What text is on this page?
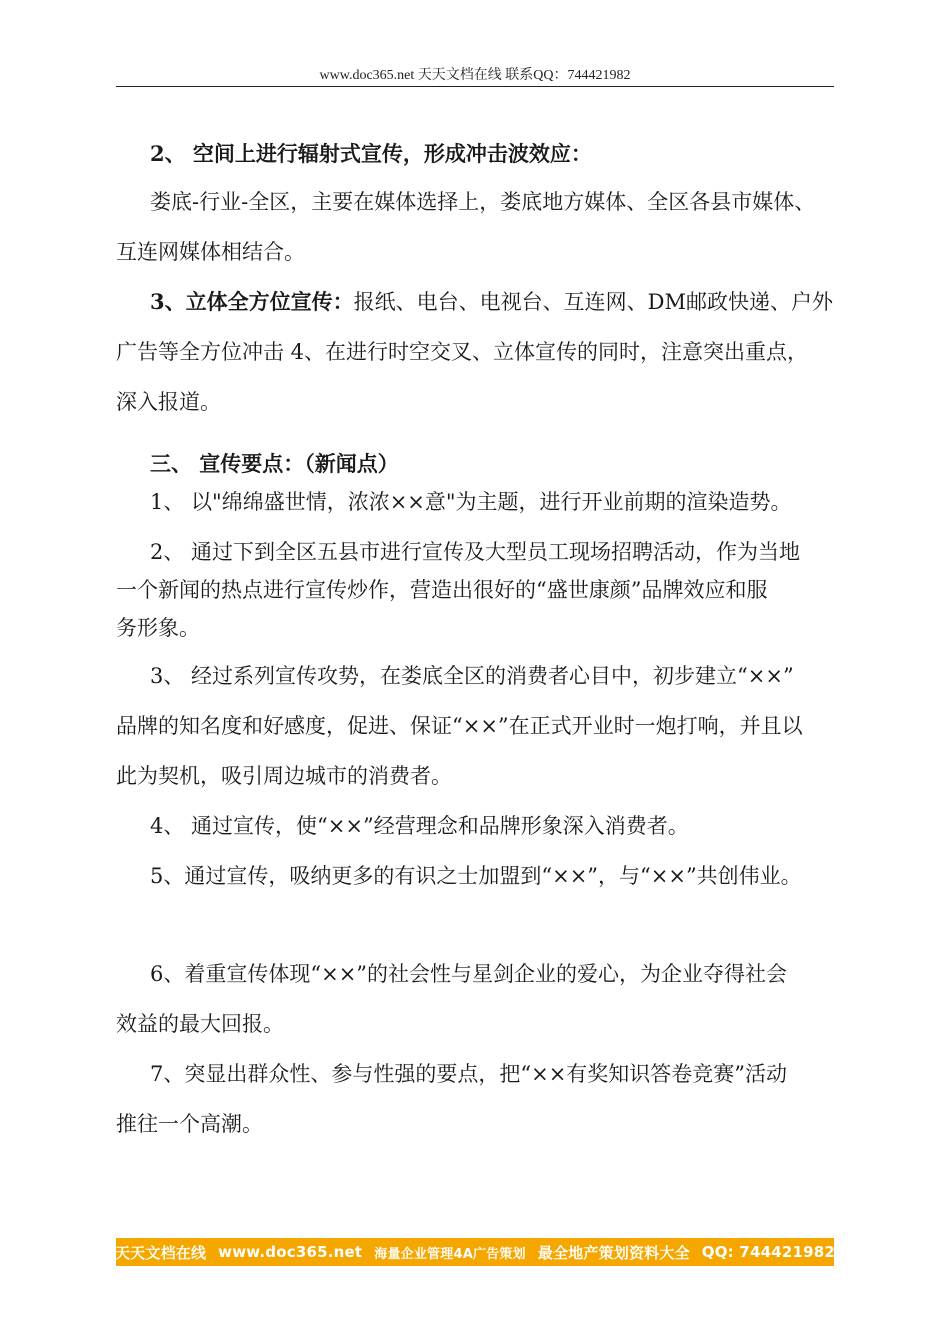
www.doc365.net 天天文档在线 联系QQ：744421982

2、 空间上进行辐射式宣传，形成冲击波效应：

娄底-行业-全区，主要在媒体选择上，娄底地方媒体、全区各县市媒体、

互连网媒体相结合。

3、立体全方位宣传：报纸、电台、电视台、互连网、DM邮政快递、户外

广告等全方位冲击 4、在进行时空交叉、立体宣传的同时，注意突出重点，

深入报道。

三、 宣传要点：（新闻点）

1、 以"绵绵盛世情，浓浓××意"为主题，进行开业前期的渲染造势。

2、 通过下到全区五县市进行宣传及大型员工现场招聘活动，作为当地

一个新闻的热点进行宣传炒作，营造出很好的“盛世康颜”品牌效应和服

务形象。

3、 经过系列宣传攻势，在娄底全区的消费者心目中，初步建立“××”

品牌的知名度和好感度，促进、保证“××”在正式开业时一炮打响，并且以

此为契机，吸引周边城市的消费者。

4、 通过宣传，使“××”经营理念和品牌形象深入消费者。

5、通过宣传，吸纳更多的有识之士加盟到“××”，与“××”共创伟业。

6、着重宣传体现“××”的社会性与星剑企业的爱心，为企业夺得社会

效益的最大回报。

7、突显出群众性、参与性强的要点，把“××有奖知识答卷竞赛”活动

推往一个高潮。

天天文档在线 www.doc365.net 海量企业管理4A广告策划 最全地产策划资料大全 QQ: 744421982
